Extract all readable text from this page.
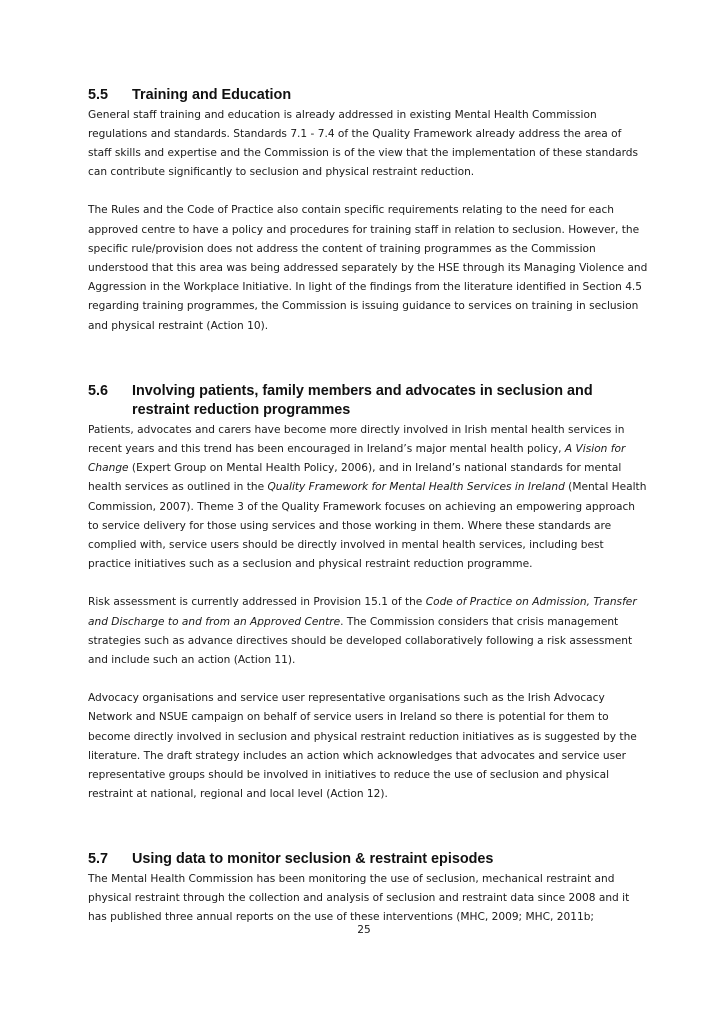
5.5	Training and Education

General staff training and education is already addressed in existing Mental Health Commission regulations and standards. Standards 7.1 - 7.4 of the Quality Framework already address the area of staff skills and expertise and the Commission is of the view that the implementation of these standards can contribute significantly to seclusion and physical restraint reduction.

The Rules and the Code of Practice also contain specific requirements relating to the need for each approved centre to have a policy and procedures for training staff in relation to seclusion. However, the specific rule/provision does not address the content of training programmes as the Commission understood that this area was being addressed separately by the HSE through its Managing Violence and Aggression in the Workplace Initiative. In light of the findings from the literature identified in Section 4.5 regarding training programmes, the Commission is issuing guidance to services on training in seclusion and physical restraint (Action 10).

5.6	Involving patients, family members and advocates in seclusion and restraint reduction programmes

Patients, advocates and carers have become more directly involved in Irish mental health services in recent years and this trend has been encouraged in Ireland’s major mental health policy, A Vision for Change (Expert Group on Mental Health Policy, 2006), and in Ireland’s national standards for mental health services as outlined in the Quality Framework for Mental Health Services in Ireland (Mental Health Commission, 2007). Theme 3 of the Quality Framework focuses on achieving an empowering approach to service delivery for those using services and those working in them. Where these standards are complied with, service users should be directly involved in mental health services, including best practice initiatives such as a seclusion and physical restraint reduction programme.

Risk assessment is currently addressed in Provision 15.1 of the Code of Practice on Admission, Transfer and Discharge to and from an Approved Centre. The Commission considers that crisis management strategies such as advance directives should be developed collaboratively following a risk assessment and include such an action (Action 11).

Advocacy organisations and service user representative organisations such as the Irish Advocacy Network and NSUE campaign on behalf of service users in Ireland so there is potential for them to become directly involved in seclusion and physical restraint reduction initiatives as is suggested by the literature. The draft strategy includes an action which acknowledges that advocates and service user representative groups should be involved in initiatives to reduce the use of seclusion and physical restraint at national, regional and local level (Action 12).

5.7	Using data to monitor seclusion & restraint episodes

The Mental Health Commission has been monitoring the use of seclusion, mechanical restraint and physical restraint through the collection and analysis of seclusion and restraint data since 2008 and it has published three annual reports on the use of these interventions (MHC, 2009; MHC, 2011b;

25
